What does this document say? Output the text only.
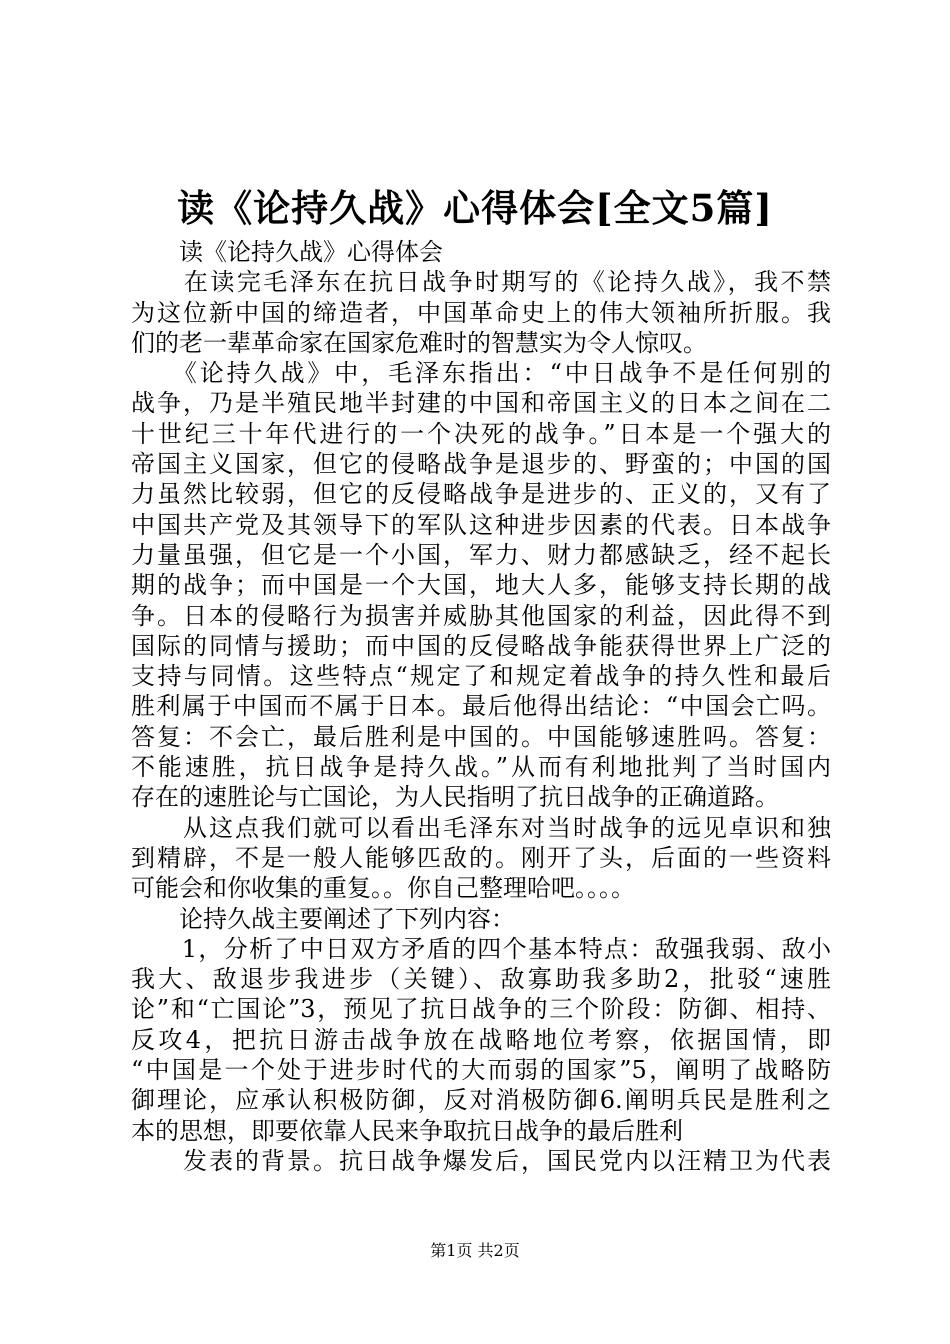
读《论持久战》心得体会[全文5篇]
　　读《论持久战》心得体会
　　在读完毛泽东在抗日战争时期写的《论持久战》，我不禁
为这位新中国的缔造者，中国革命史上的伟大领袖所折服。我
们的老一辈革命家在国家危难时的智慧实为令人惊叹。
　　《论持久战》中，毛泽东指出：“中日战争不是任何别的
战争，乃是半殖民地半封建的中国和帝国主义的日本之间在二
十世纪三十年代进行的一个决死的战争。”日本是一个强大的
帝国主义国家，但它的侵略战争是退步的、野蛮的；中国的国
力虽然比较弱，但它的反侵略战争是进步的、正义的，又有了
中国共产党及其领导下的军队这种进步因素的代表。日本战争
力量虽强，但它是一个小国，军力、财力都感缺乏，经不起长
期的战争；而中国是一个大国，地大人多，能够支持长期的战
争。日本的侵略行为损害并威胁其他国家的利益，因此得不到
国际的同情与援助；而中国的反侵略战争能获得世界上广泛的
支持与同情。这些特点“规定了和规定着战争的持久性和最后
胜利属于中国而不属于日本。最后他得出结论：“中国会亡吗。
答复：不会亡，最后胜利是中国的。中国能够速胜吗。答复：
不能速胜，抗日战争是持久战。”从而有利地批判了当时国内
存在的速胜论与亡国论，为人民指明了抗日战争的正确道路。
　　从这点我们就可以看出毛泽东对当时战争的远见卓识和独
到精辟，不是一般人能够匹敌的。刚开了头，后面的一些资料
可能会和你收集的重复。。你自己整理哈吧。。。。
　　论持久战主要阐述了下列内容：
　　1，分析了中日双方矛盾的四个基本特点：敌强我弱、敌小
我大、敌退步我进步（关键）、敌寡助我多助2，批驳“速胜
论”和“亡国论”3，预见了抗日战争的三个阶段：防御、相持、
反攻4，把抗日游击战争放在战略地位考察，依据国情，即
“中国是一个处于进步时代的大而弱的国家”5，阐明了战略防
御理论，应承认积极防御，反对消极防御6.阐明兵民是胜利之
本的思想，即要依靠人民来争取抗日战争的最后胜利
　　发表的背景。抗日战争爆发后，国民党内以汪精卫为代表
第1页 共2页
